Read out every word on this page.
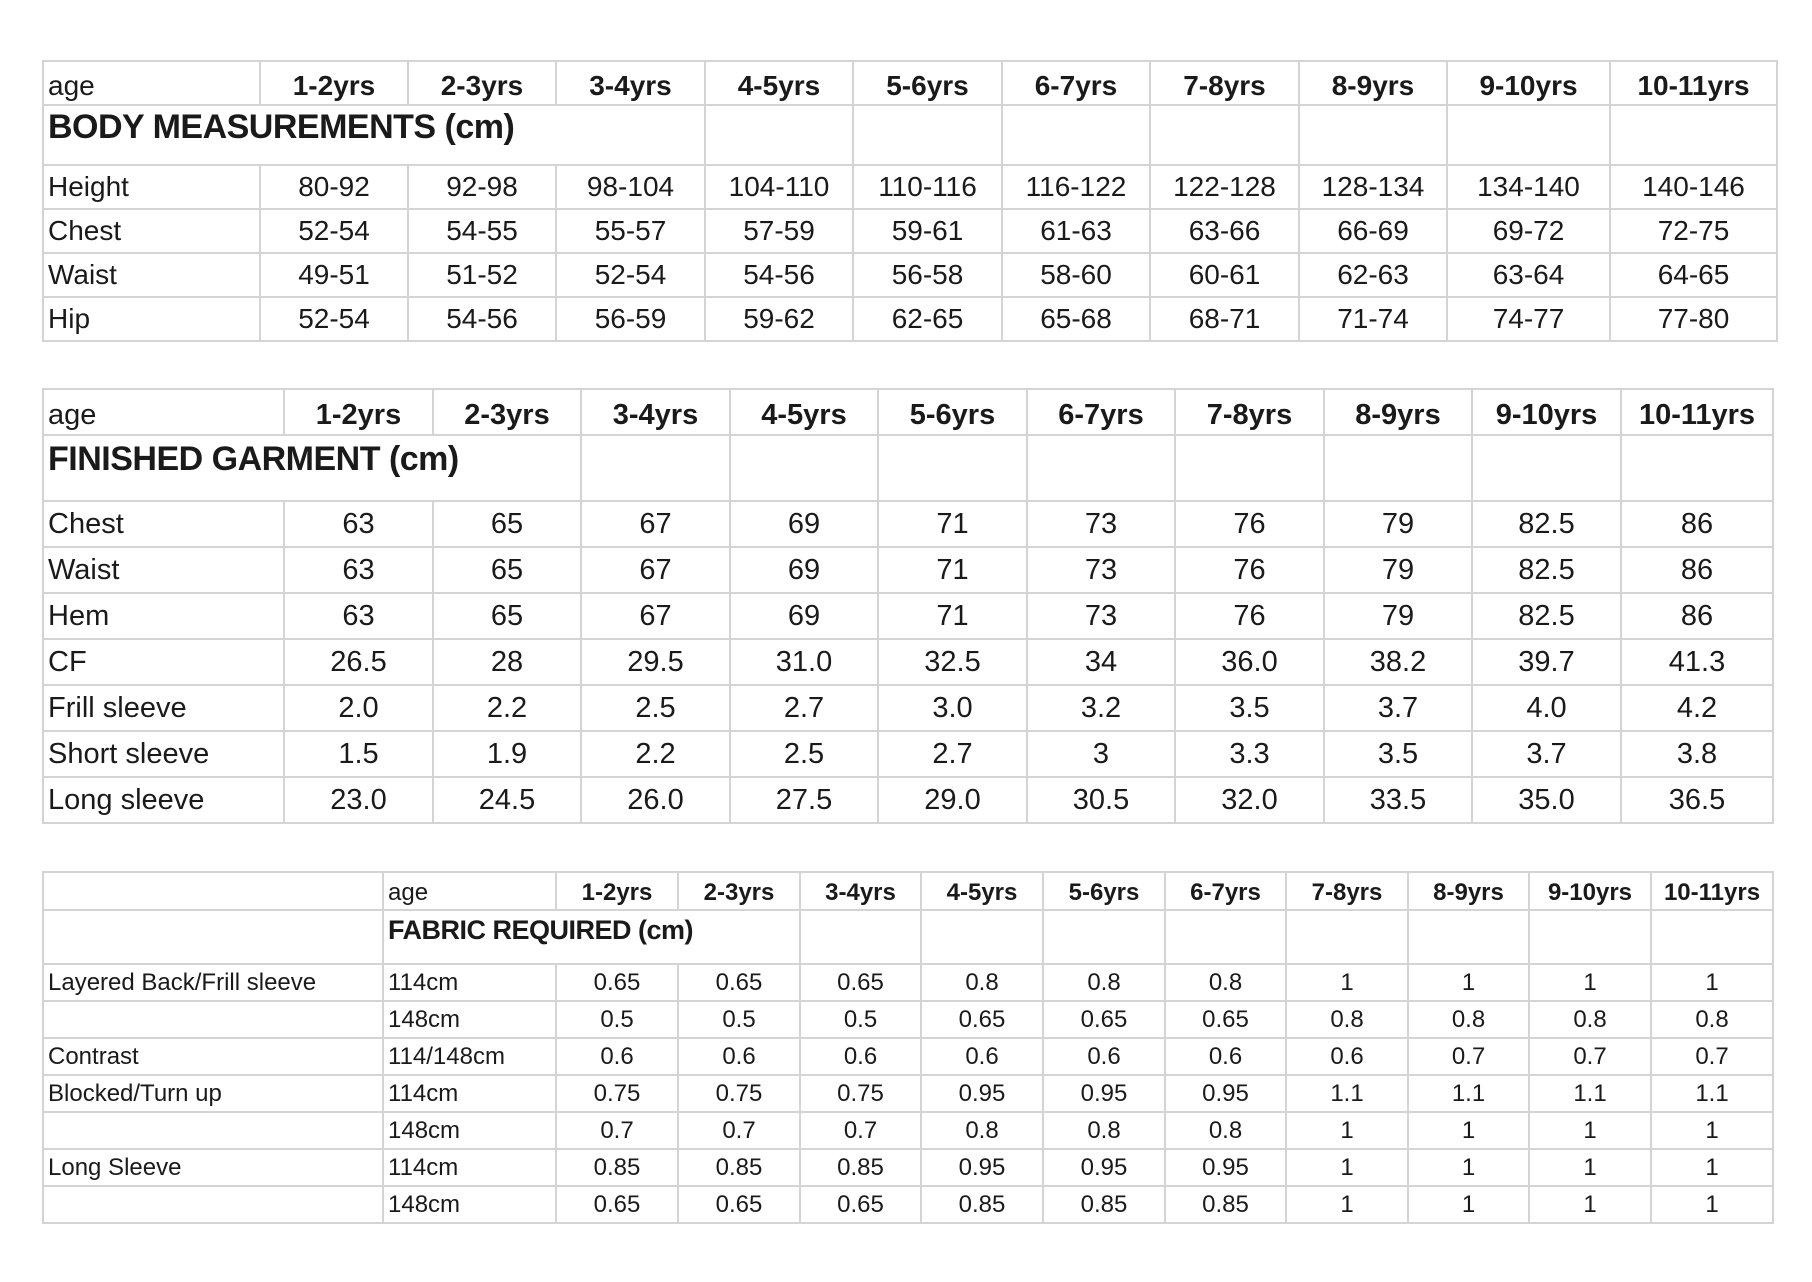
age	1-2yrs	2-3yrs	3-4yrs	4-5yrs	5-6yrs	6-7yrs	7-8yrs	8-9yrs	9-10yrs	10-11yrs
BODY MEASUREMENTS (cm)										
Height	80-92	92-98	98-104	104-110	110-116	116-122	122-128	128-134	134-140	140-146
Chest	52-54	54-55	55-57	57-59	59-61	61-63	63-66	66-69	69-72	72-75
Waist	49-51	51-52	52-54	54-56	56-58	58-60	60-61	62-63	63-64	64-65
Hip	52-54	54-56	56-59	59-62	62-65	65-68	68-71	71-74	74-77	77-80
age	1-2yrs	2-3yrs	3-4yrs	4-5yrs	5-6yrs	6-7yrs	7-8yrs	8-9yrs	9-10yrs	10-11yrs
FINISHED GARMENT (cm)										
Chest	63	65	67	69	71	73	76	79	82.5	86
Waist	63	65	67	69	71	73	76	79	82.5	86
Hem	63	65	67	69	71	73	76	79	82.5	86
CF	26.5	28	29.5	31.0	32.5	34	36.0	38.2	39.7	41.3
Frill sleeve	2.0	2.2	2.5	2.7	3.0	3.2	3.5	3.7	4.0	4.2
Short sleeve	1.5	1.9	2.2	2.5	2.7	3	3.3	3.5	3.7	3.8
Long sleeve	23.0	24.5	26.0	27.5	29.0	30.5	32.0	33.5	35.0	36.5
	age	1-2yrs	2-3yrs	3-4yrs	4-5yrs	5-6yrs	6-7yrs	7-8yrs	8-9yrs	9-10yrs	10-11yrs
	FABRIC REQUIRED (cm)										
Layered Back/Frill sleeve	114cm	0.65	0.65	0.65	0.8	0.8	0.8	1	1	1	1
	148cm	0.5	0.5	0.5	0.65	0.65	0.65	0.8	0.8	0.8	0.8
Contrast	114/148cm	0.6	0.6	0.6	0.6	0.6	0.6	0.6	0.7	0.7	0.7
Blocked/Turn up	114cm	0.75	0.75	0.75	0.95	0.95	0.95	1.1	1.1	1.1	1.1
	148cm	0.7	0.7	0.7	0.8	0.8	0.8	1	1	1	1
Long Sleeve	114cm	0.85	0.85	0.85	0.95	0.95	0.95	1	1	1	1
	148cm	0.65	0.65	0.65	0.85	0.85	0.85	1	1	1	1
